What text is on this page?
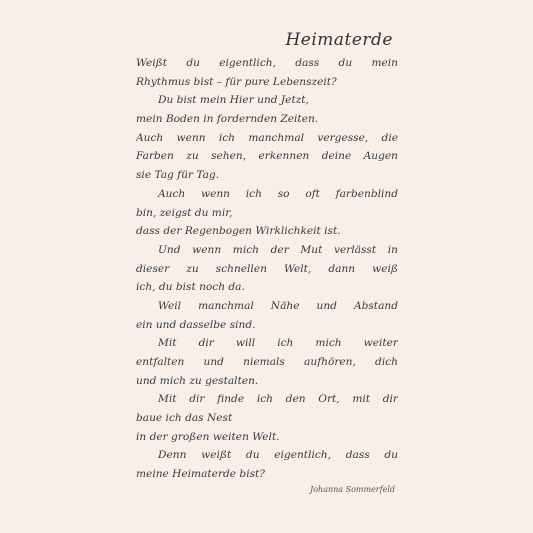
Heimaterde
Weißt du eigentlich, dass du mein
Rhythmus bist – für pure Lebenszeit?
Du bist mein Hier und Jetzt,
mein Boden in fordernden Zeiten.
Auch wenn ich manchmal vergesse, die
Farben zu sehen, erkennen deine Augen
sie Tag für Tag.
Auch wenn ich so oft farbenblind
bin, zeigst du mir,
dass der Regenbogen Wirklichkeit ist.
Und wenn mich der Mut verlässt in
dieser zu schnellen Welt, dann weiß
ich, du bist noch da.
Weil manchmal Nähe und Abstand
ein und dasselbe sind.
Mit dir will ich mich weiter
entfalten und niemals aufhören, dich
und mich zu gestalten.
Mit dir finde ich den Ort, mit dir
baue ich das Nest
in der großen weiten Welt.
Denn weißt du eigentlich, dass du
meine Heimaterde bist?
Johanna Sommerfeld
